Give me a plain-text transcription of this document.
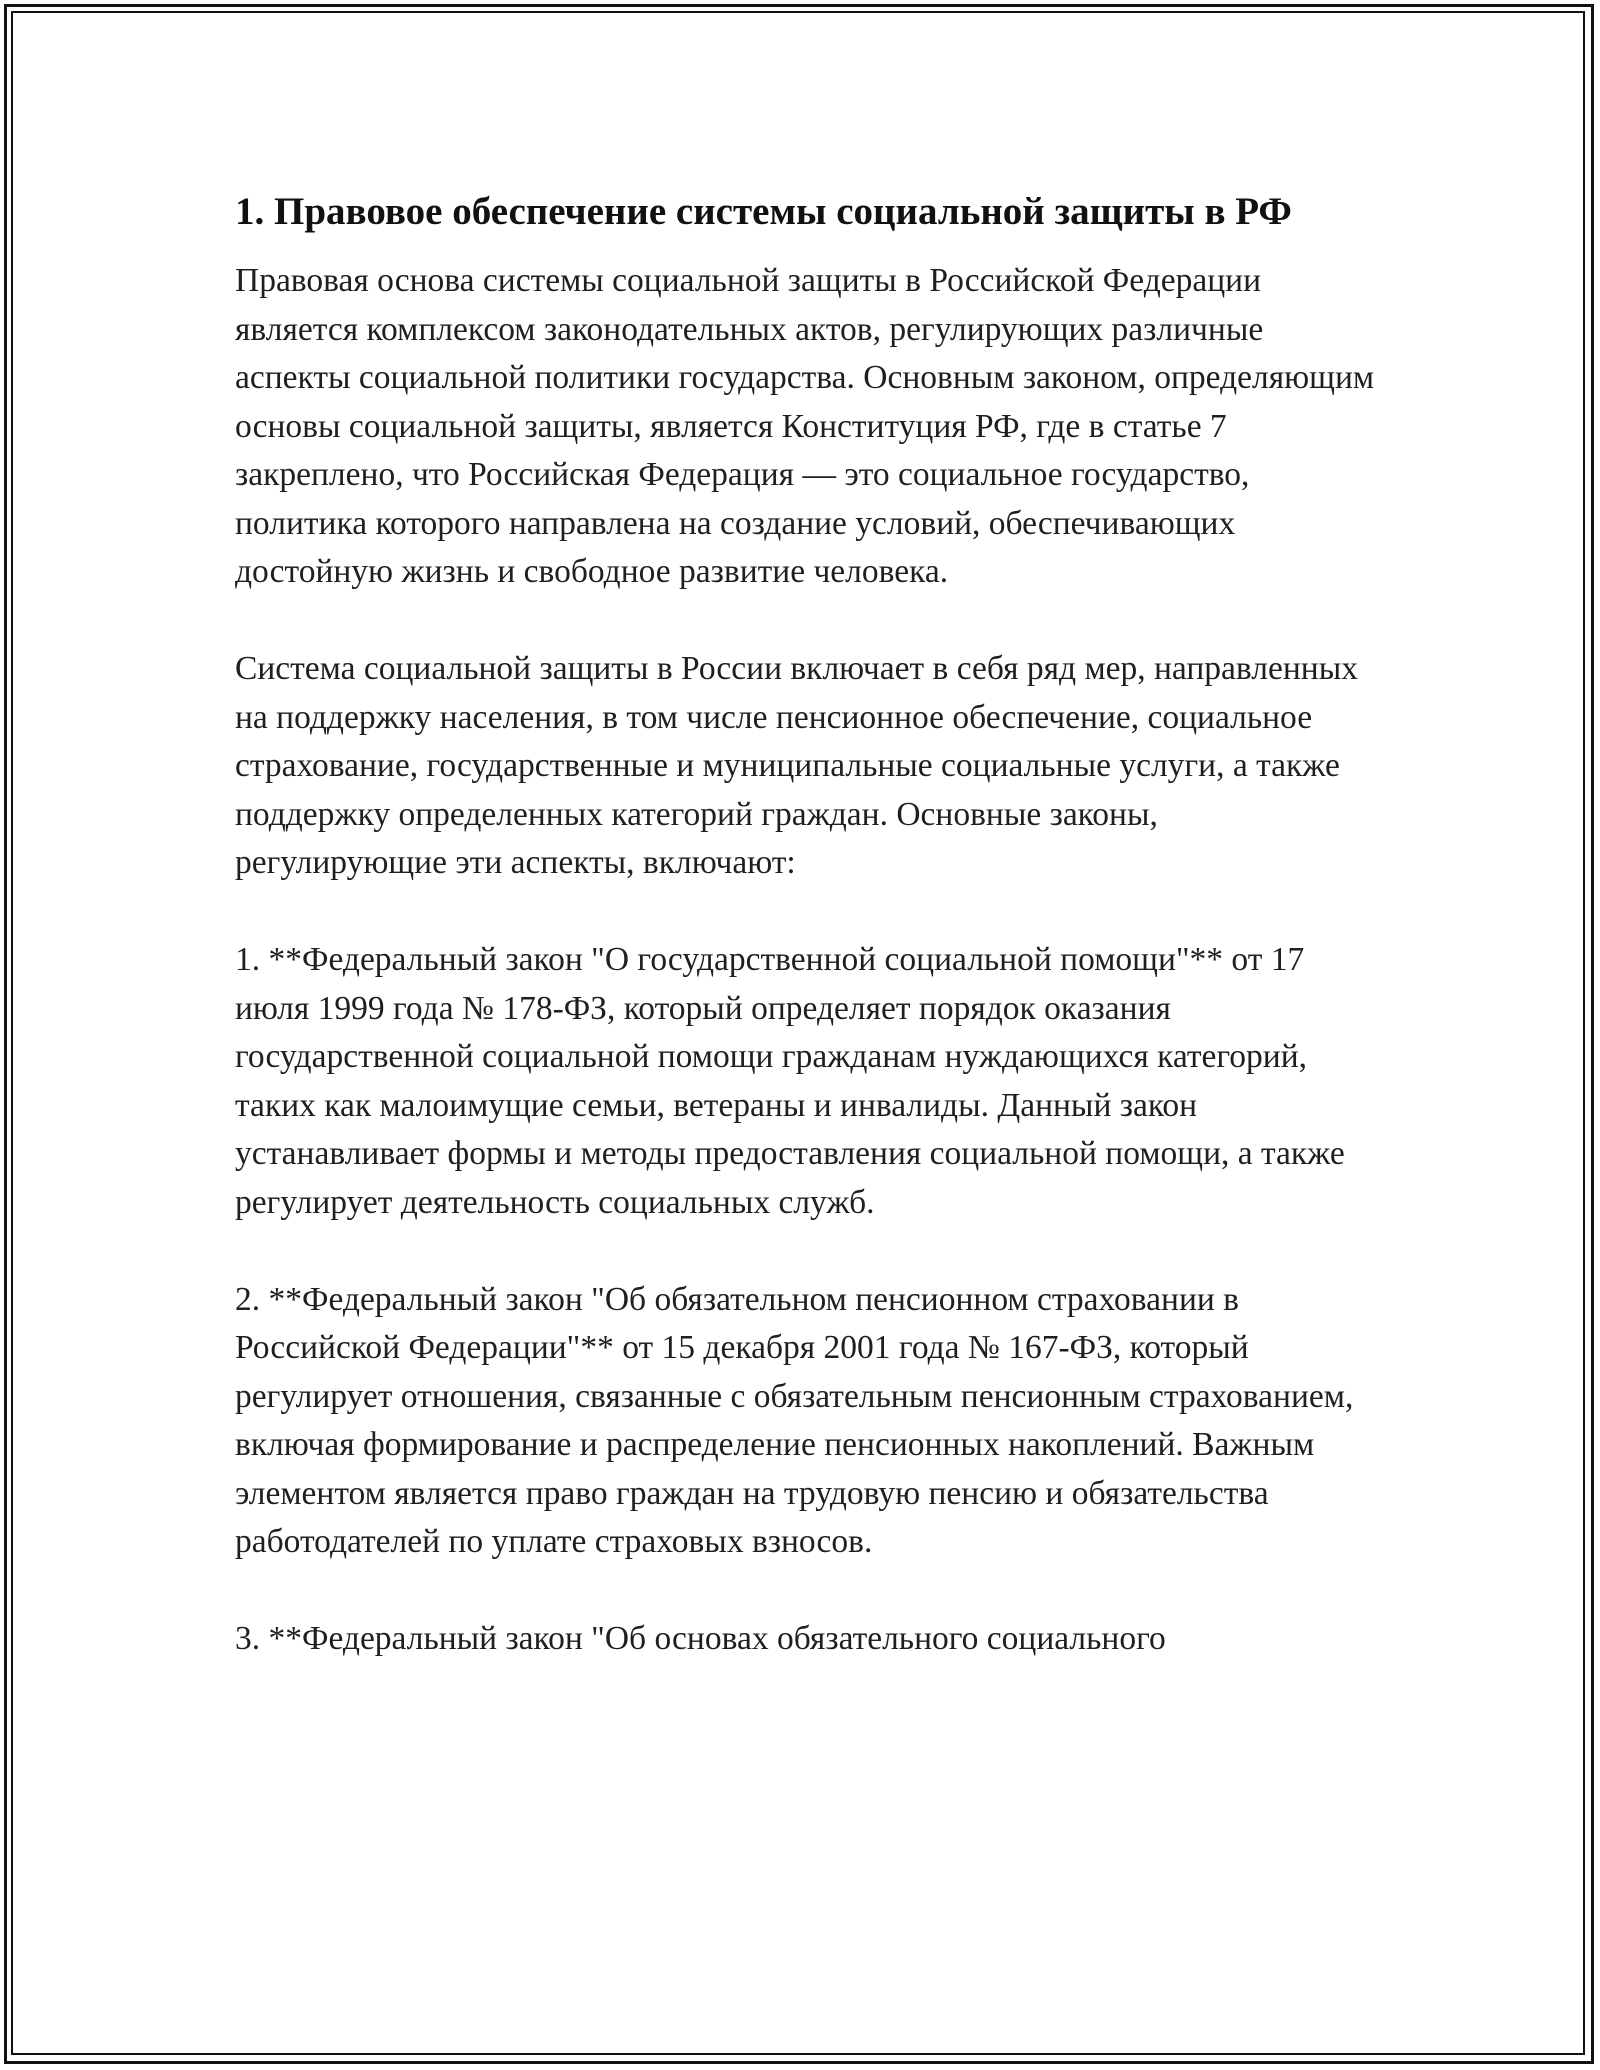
1. Правовое обеспечение системы социальной защиты в РФ

Правовая основа системы социальной защиты в Российской Федерации является комплексом законодательных актов, регулирующих различные аспекты социальной политики государства. Основным законом, определяющим основы социальной защиты, является Конституция РФ, где в статье 7 закреплено, что Российская Федерация — это социальное государство, политика которого направлена на создание условий, обеспечивающих достойную жизнь и свободное развитие человека.

Система социальной защиты в России включает в себя ряд мер, направленных на поддержку населения, в том числе пенсионное обеспечение, социальное страхование, государственные и муниципальные социальные услуги, а также поддержку определенных категорий граждан. Основные законы, регулирующие эти аспекты, включают:

1. **Федеральный закон "О государственной социальной помощи"** от 17 июля 1999 года № 178-ФЗ, который определяет порядок оказания государственной социальной помощи гражданам нуждающихся категорий, таких как малоимущие семьи, ветераны и инвалиды. Данный закон устанавливает формы и методы предоставления социальной помощи, а также регулирует деятельность социальных служб.

2. **Федеральный закон "Об обязательном пенсионном страховании в Российской Федерации"** от 15 декабря 2001 года № 167-ФЗ, который регулирует отношения, связанные с обязательным пенсионным страхованием, включая формирование и распределение пенсионных накоплений. Важным элементом является право граждан на трудовую пенсию и обязательства работодателей по уплате страховых взносов.

3. **Федеральный закон "Об основах обязательного социального
